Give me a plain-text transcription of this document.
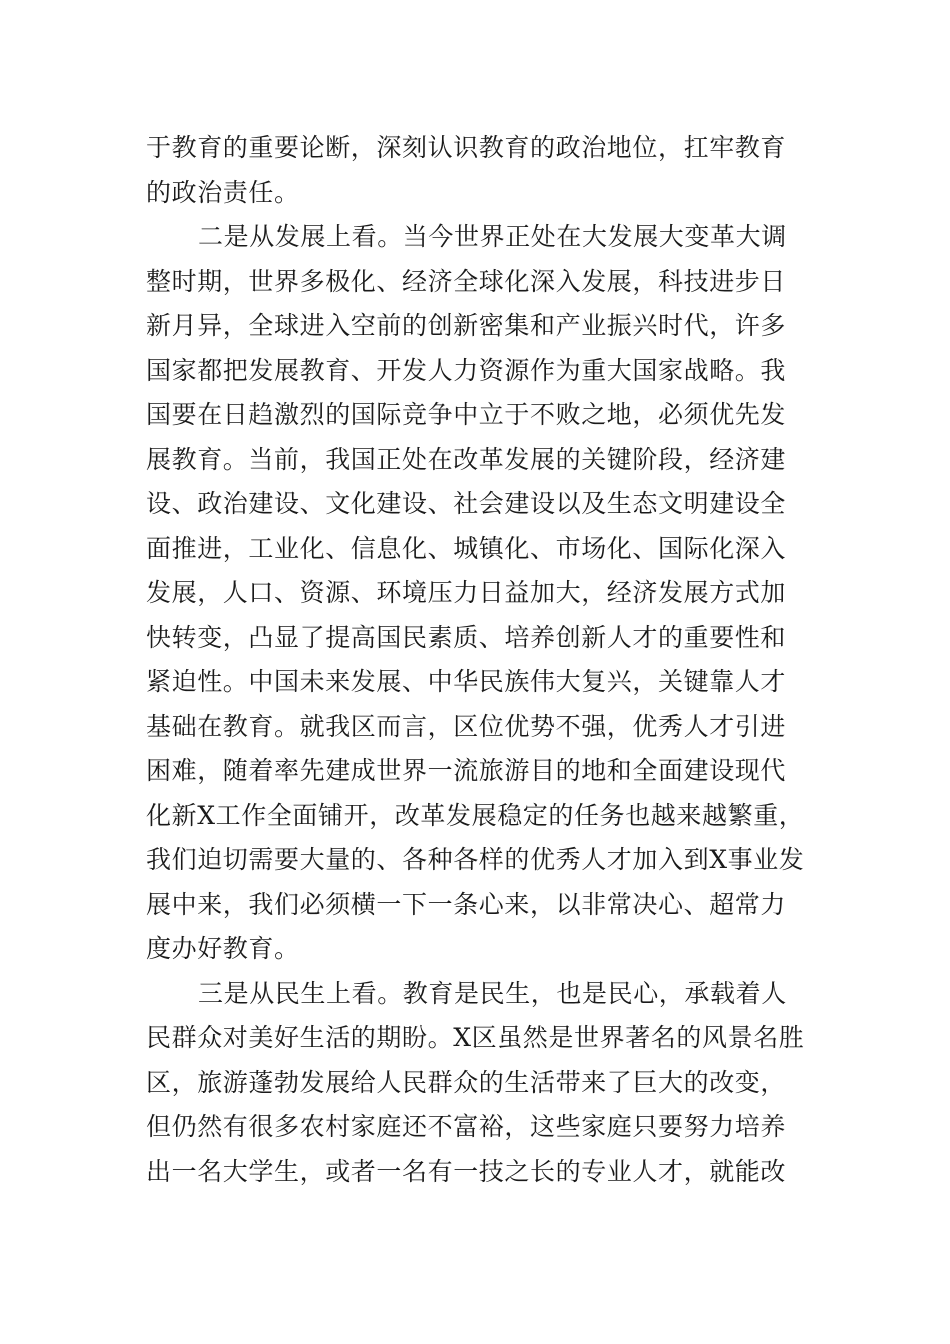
于教育的重要论断，深刻认识教育的政治地位，扛牢教育
的政治责任。
二是从发展上看。当今世界正处在大发展大变革大调
整时期，世界多极化、经济全球化深入发展，科技进步日
新月异，全球进入空前的创新密集和产业振兴时代，许多
国家都把发展教育、开发人力资源作为重大国家战略。我
国要在日趋激烈的国际竞争中立于不败之地，必须优先发
展教育。当前，我国正处在改革发展的关键阶段，经济建
设、政治建设、文化建设、社会建设以及生态文明建设全
面推进，工业化、信息化、城镇化、市场化、国际化深入
发展，人口、资源、环境压力日益加大，经济发展方式加
快转变，凸显了提高国民素质、培养创新人才的重要性和
紧迫性。中国未来发展、中华民族伟大复兴，关键靠人才
基础在教育。就我区而言，区位优势不强，优秀人才引进
困难，随着率先建成世界一流旅游目的地和全面建设现代
化新X工作全面铺开，改革发展稳定的任务也越来越繁重，
我们迫切需要大量的、各种各样的优秀人才加入到X事业发
展中来，我们必须横一下一条心来，以非常决心、超常力
度办好教育。
三是从民生上看。教育是民生，也是民心，承载着人
民群众对美好生活的期盼。X区虽然是世界著名的风景名胜
区，旅游蓬勃发展给人民群众的生活带来了巨大的改变，
但仍然有很多农村家庭还不富裕，这些家庭只要努力培养
出一名大学生，或者一名有一技之长的专业人才，就能改
